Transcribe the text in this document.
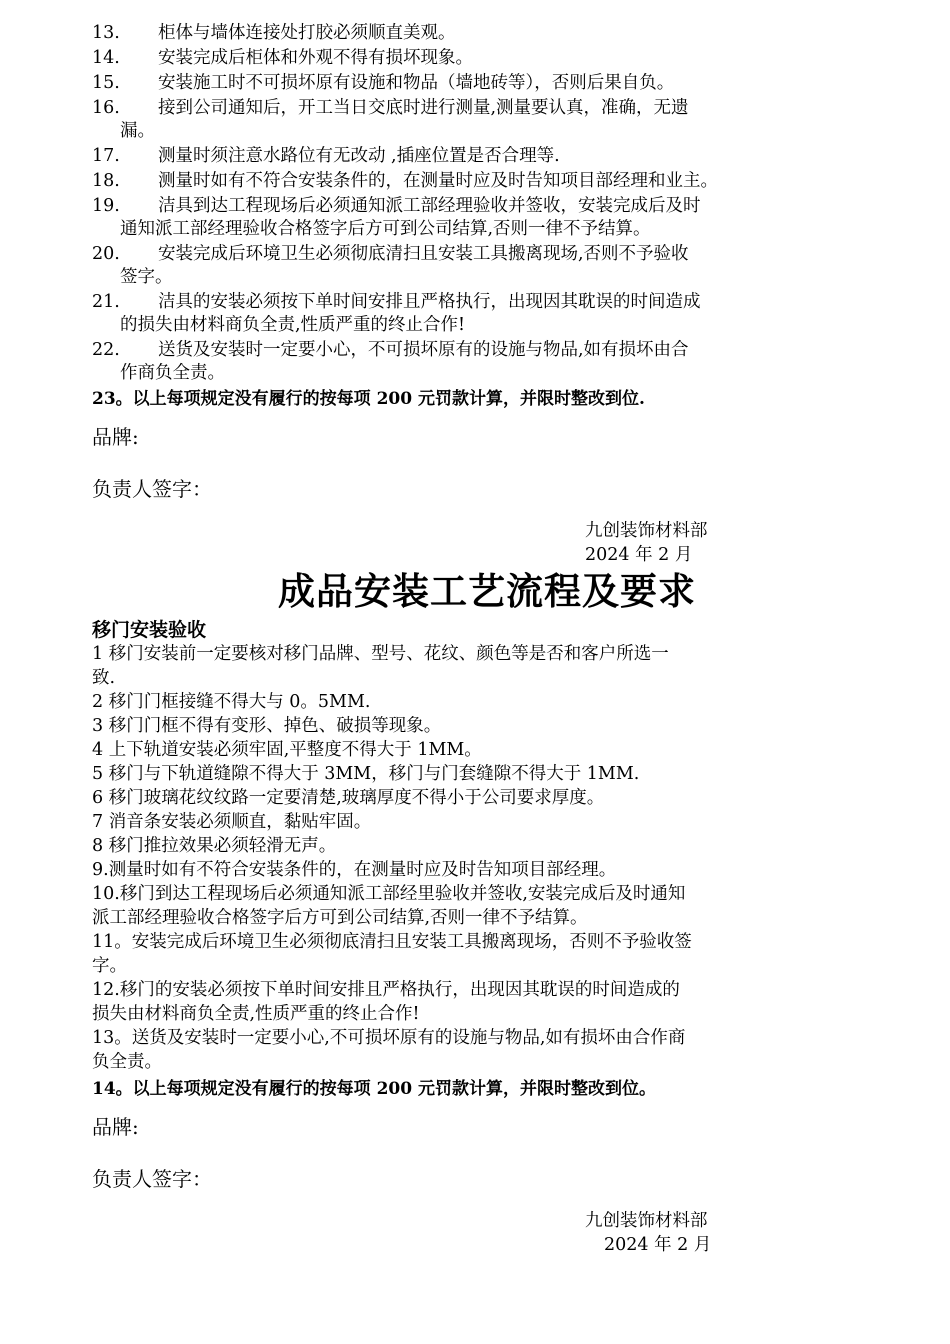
13. 柜体与墙体连接处打胶必须顺直美观。
14. 安装完成后柜体和外观不得有损坏现象。
15. 安装施工时不可损坏原有设施和物品（墙地砖等），否则后果自负。
16. 接到公司通知后，开工当日交底时进行测量,测量要认真，准确，无遗
漏。
17. 测量时须注意水路位有无改动 ,插座位置是否合理等.
18. 测量时如有不符合安装条件的，在测量时应及时告知项目部经理和业主。
19. 洁具到达工程现场后必须通知派工部经理验收并签收，安装完成后及时
通知派工部经理验收合格签字后方可到公司结算,否则一律不予结算。
20. 安装完成后环境卫生必须彻底清扫且安装工具搬离现场,否则不予验收
签字。
21. 洁具的安装必须按下单时间安排且严格执行，出现因其耽误的时间造成
的损失由材料商负全责,性质严重的终止合作!
22. 送货及安装时一定要小心，不可损坏原有的设施与物品,如有损坏由合
作商负全责。
23。以上每项规定没有履行的按每项 200 元罚款计算，并限时整改到位.
品牌:
负责人签字：
九创装饰材料部
2024 年 2 月
成品安装工艺流程及要求
移门安装验收
1 移门安装前一定要核对移门品牌、型号、花纹、颜色等是否和客户所选一
致.
2 移门门框接缝不得大与 0。5MM.
3 移门门框不得有变形、掉色、破损等现象。
4 上下轨道安装必须牢固,平整度不得大于 1MM。
5 移门与下轨道缝隙不得大于 3MM，移门与门套缝隙不得大于 1MM.
6 移门玻璃花纹纹路一定要清楚,玻璃厚度不得小于公司要求厚度。
7 消音条安装必须顺直，黏贴牢固。
8 移门推拉效果必须轻滑无声。
9.测量时如有不符合安装条件的，在测量时应及时告知项目部经理。
10.移门到达工程现场后必须通知派工部经里验收并签收,安装完成后及时通知
派工部经理验收合格签字后方可到公司结算,否则一律不予结算。
11。安装完成后环境卫生必须彻底清扫且安装工具搬离现场，否则不予验收签
字。
12.移门的安装必须按下单时间安排且严格执行，出现因其耽误的时间造成的
损失由材料商负全责,性质严重的终止合作!
13。送货及安装时一定要小心,不可损坏原有的设施与物品,如有损坏由合作商
负全责。
14。以上每项规定没有履行的按每项 200 元罚款计算，并限时整改到位。
品牌:
负责人签字：
九创装饰材料部
2024 年 2 月
